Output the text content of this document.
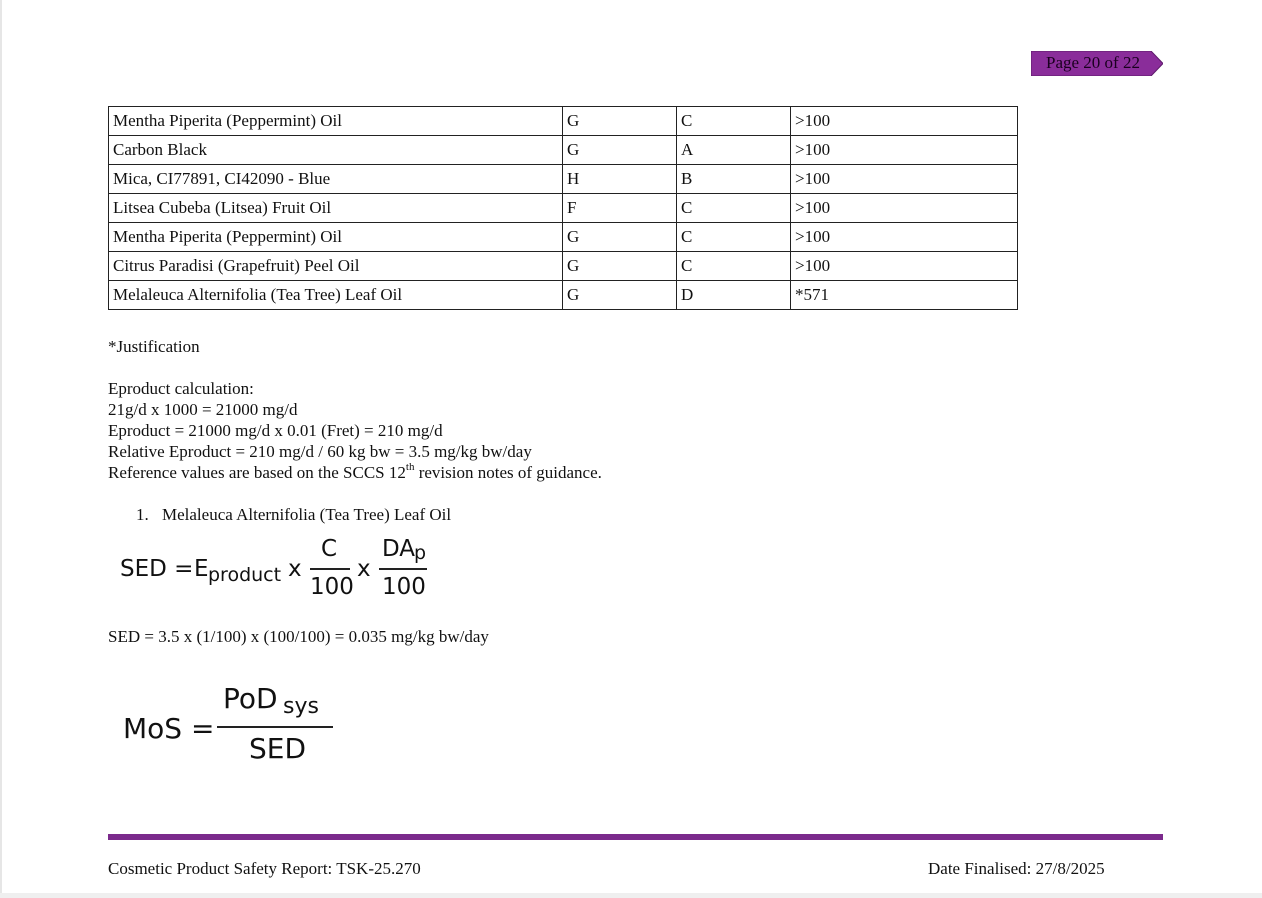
Page 20 of 22
Mentha Piperita (Peppermint) Oil	G	C	>100
Carbon Black	G	A	>100
Mica, CI77891, CI42090 - Blue	H	B	>100
Litsea Cubeba (Litsea) Fruit Oil	F	C	>100
Mentha Piperita (Peppermint) Oil	G	C	>100
Citrus Paradisi (Grapefruit) Peel Oil	G	C	>100
Melaleuca Alternifolia (Tea Tree) Leaf Oil	G	D	*571
*Justification
Eproduct calculation:
21g/d x 1000 = 21000 mg/d
Eproduct = 21000 mg/d x 0.01 (Fret) = 210 mg/d
Relative Eproduct = 210 mg/d / 60 kg bw = 3.5 mg/kg bw/day
Reference values are based on the SCCS 12th revision notes of guidance.
1. Melaleuca Alternifolia (Tea Tree) Leaf Oil
SED = E product x
C
100
x
DA
p
100
SED = 3.5 x (1/100) x (100/100) = 0.035 mg/kg bw/day
MoS =
PoD sys
SED
Cosmetic Product Safety Report: TSK-25.270	Date Finalised: 27/8/2025
